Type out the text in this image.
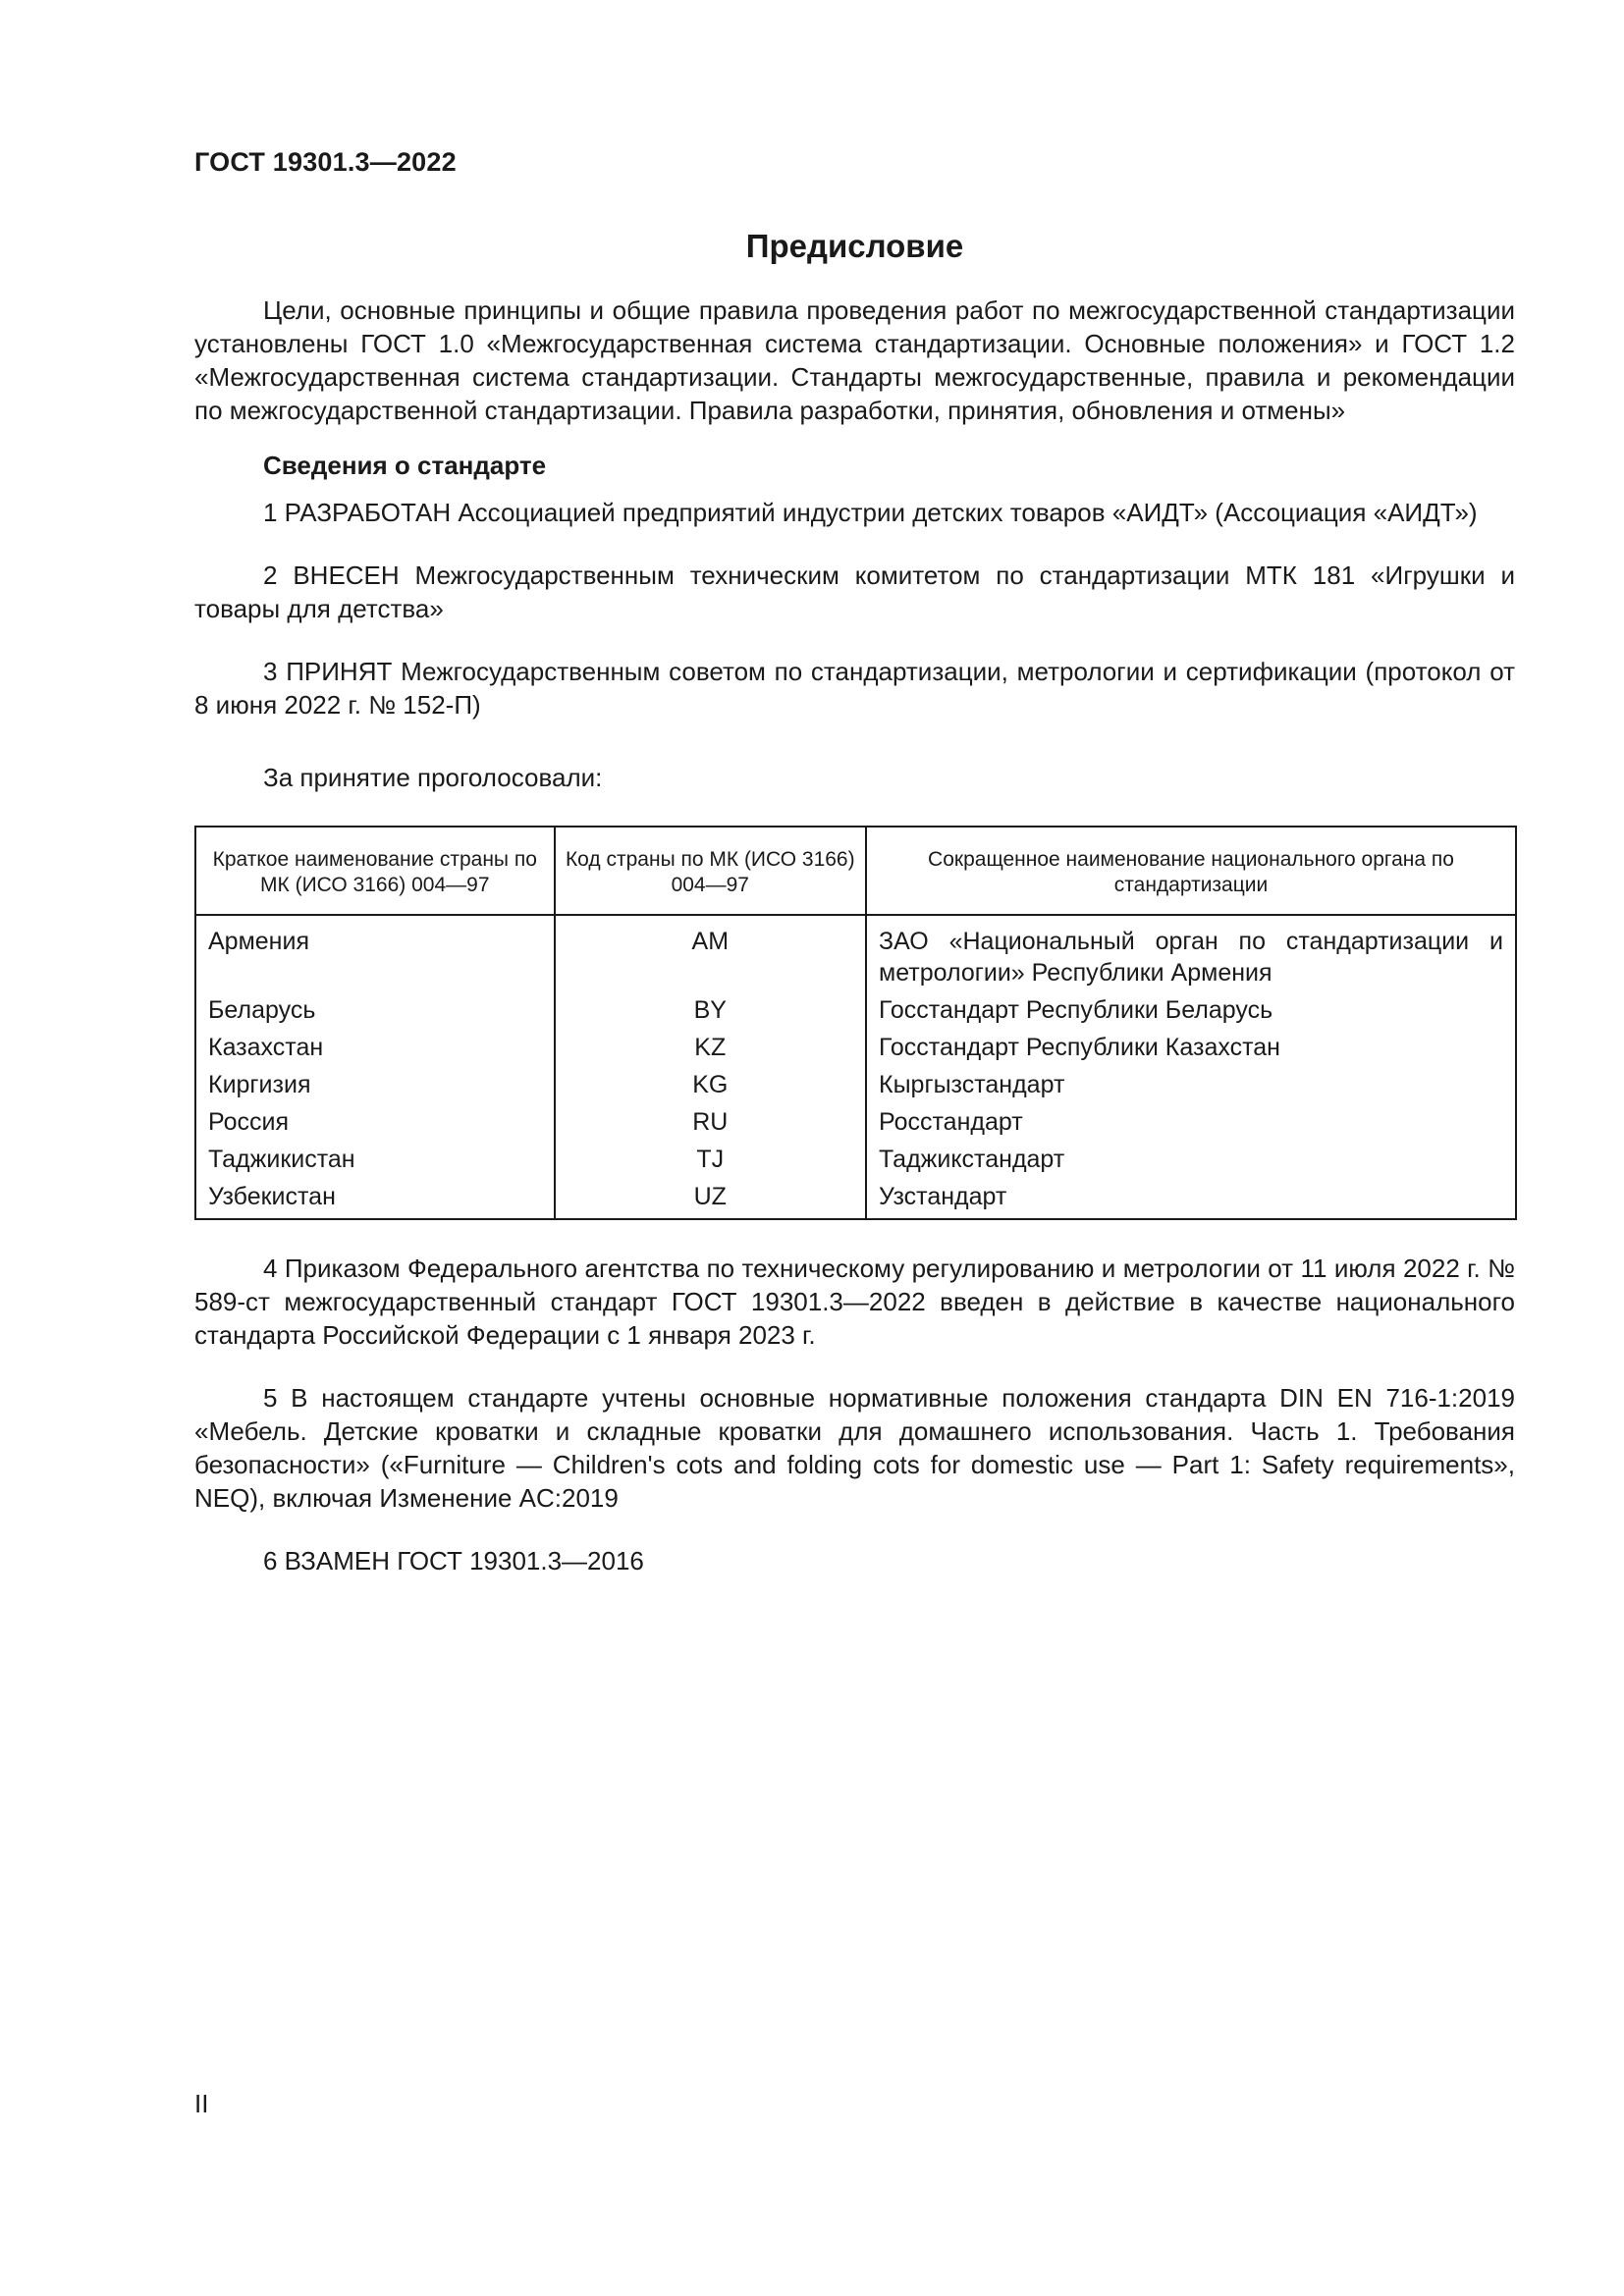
ГОСТ 19301.3—2022
Предисловие

Цели, основные принципы и общие правила проведения работ по межгосударственной стандартизации установлены ГОСТ 1.0 «Межгосударственная система стандартизации. Основные положения» и ГОСТ 1.2 «Межгосударственная система стандартизации. Стандарты межгосударственные, правила и рекомендации по межгосударственной стандартизации. Правила разработки, принятия, обновления и отмены»

Сведения о стандарте

1 РАЗРАБОТАН Ассоциацией предприятий индустрии детских товаров «АИДТ» (Ассоциация «АИДТ»)

2 ВНЕСЕН Межгосударственным техническим комитетом по стандартизации МТК 181 «Игрушки и товары для детства»

3 ПРИНЯТ Межгосударственным советом по стандартизации, метрологии и сертификации (протокол от 8 июня 2022 г. № 152-П)

За принятие проголосовали:

Краткое наименование страны по МК (ИСО 3166) 004—97	Код страны по МК (ИСО 3166) 004—97	Сокращенное наименование национального органа по стандартизации
Армения	AM	ЗАО «Национальный орган по стандартизации и метрологии» Республики Армения
Беларусь	BY	Госстандарт Республики Беларусь
Казахстан	KZ	Госстандарт Республики Казахстан
Киргизия	KG	Кыргызстандарт
Россия	RU	Росстандарт
Таджикистан	TJ	Таджикстандарт
Узбекистан	UZ	Узстандарт

4 Приказом Федерального агентства по техническому регулированию и метрологии от 11 июля 2022 г. № 589-ст межгосударственный стандарт ГОСТ 19301.3—2022 введен в действие в качестве национального стандарта Российской Федерации с 1 января 2023 г.

5 В настоящем стандарте учтены основные нормативные положения стандарта DIN EN 716-1:2019 «Мебель. Детские кроватки и складные кроватки для домашнего использования. Часть 1. Требования безопасности» («Furniture — Children's cots and folding cots for domestic use — Part 1: Safety requirements», NEQ), включая Изменение AC:2019

6 ВЗАМЕН ГОСТ 19301.3—2016

II
